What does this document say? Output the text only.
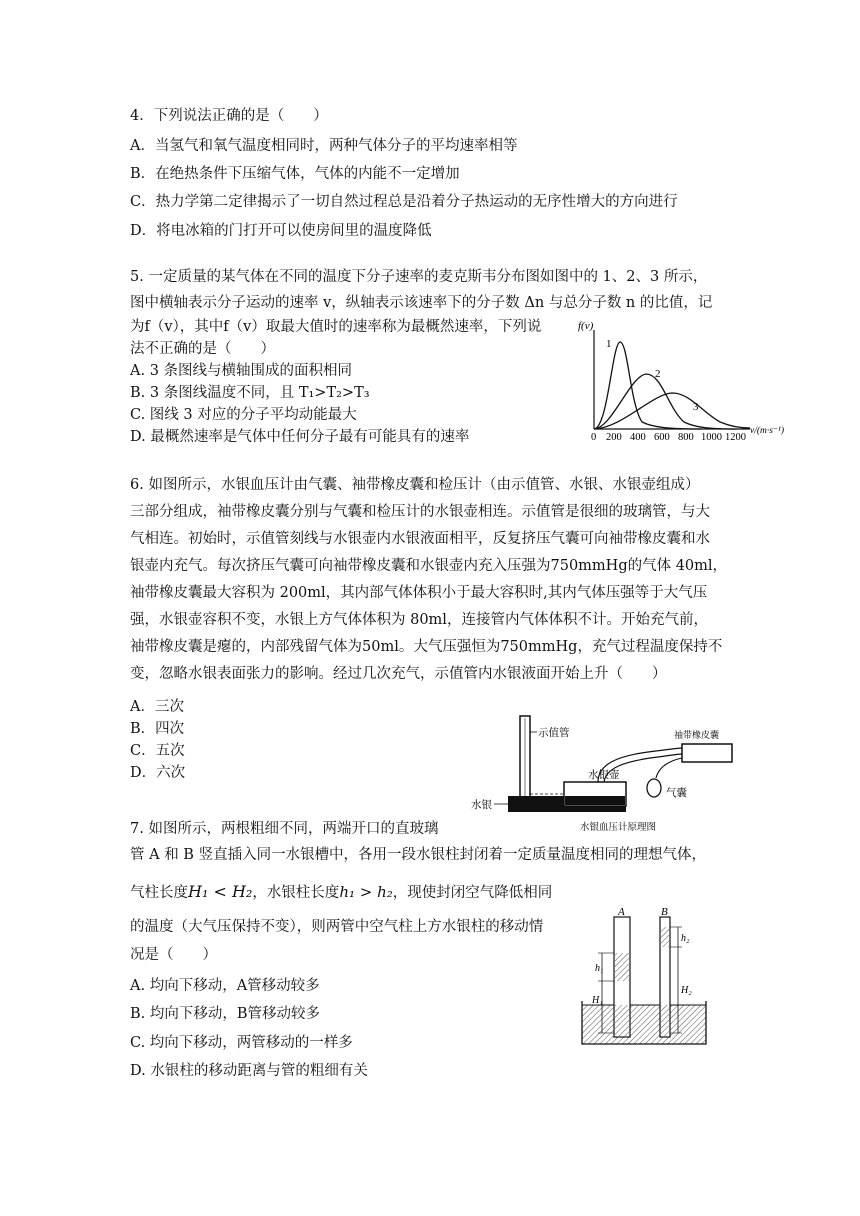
4．下列说法正确的是（　　）
A．当氢气和氧气温度相同时，两种气体分子的平均速率相等
B．在绝热条件下压缩气体，气体的内能不一定增加
C．热力学第二定律揭示了一切自然过程总是沿着分子热运动的无序性增大的方向进行
D．将电冰箱的门打开可以使房间里的温度降低
5. 一定质量的某气体在不同的温度下分子速率的麦克斯韦分布图如图中的 1、2、3 所示，
图中横轴表示分子运动的速率 v，纵轴表示该速率下的分子数 Δn 与总分子数 n 的比值，记
为f（v），其中f（v）取最大值时的速率称为最概然速率，下列说
法不正确的是（　　）
A. 3 条图线与横轴围成的面积相同
B. 3 条图线温度不同，且 T₁>T₂>T₃
C. 图线 3 对应的分子平均动能最大
D. 最概然速率是气体中任何分子最有可能具有的速率
f(v)
1
2
3
0 200 400 600 800 1000 1200
v/(m·s⁻¹)
6. 如图所示，水银血压计由气囊、袖带橡皮囊和检压计（由示值管、水银、水银壶组成）
三部分组成，袖带橡皮囊分别与气囊和检压计的水银壶相连。示值管是很细的玻璃管，与大
气相连。初始时，示值管刻线与水银壶内水银液面相平，反复挤压气囊可向袖带橡皮囊和水
银壶内充气。每次挤压气囊可向袖带橡皮囊和水银壶内充入压强为750mmHg的气体 40ml，
袖带橡皮囊最大容积为 200ml，其内部气体体积小于最大容积时,其内气体压强等于大气压
强，水银壶容积不变，水银上方气体体积为 80ml，连接管内气体体积不计。开始充气前，
袖带橡皮囊是瘪的，内部残留气体为50ml。大气压强恒为750mmHg，充气过程温度保持不
变，忽略水银表面张力的影响。经过几次充气，示值管内水银液面开始上升（　　）
A．三次
B．四次
C．五次
D．六次
示值管
水银壶
袖带橡皮囊
气囊
水银
水银血压计原理图
7. 如图所示，两根粗细不同，两端开口的直玻璃
管 A 和 B 竖直插入同一水银槽中，各用一段水银柱封闭着一定质量温度相同的理想气体，
气柱长度H₁ < H₂，水银柱长度h₁ > h₂，现使封闭空气降低相同
的温度（大气压保持不变），则两管中空气柱上方水银柱的移动情
况是（　　）
A. 均向下移动，A管移动较多
B. 均向下移动，B管移动较多
C. 均向下移动，两管移动的一样多
D. 水银柱的移动距离与管的粗细有关
A	B
h₁
H₁
h₂
H₂
